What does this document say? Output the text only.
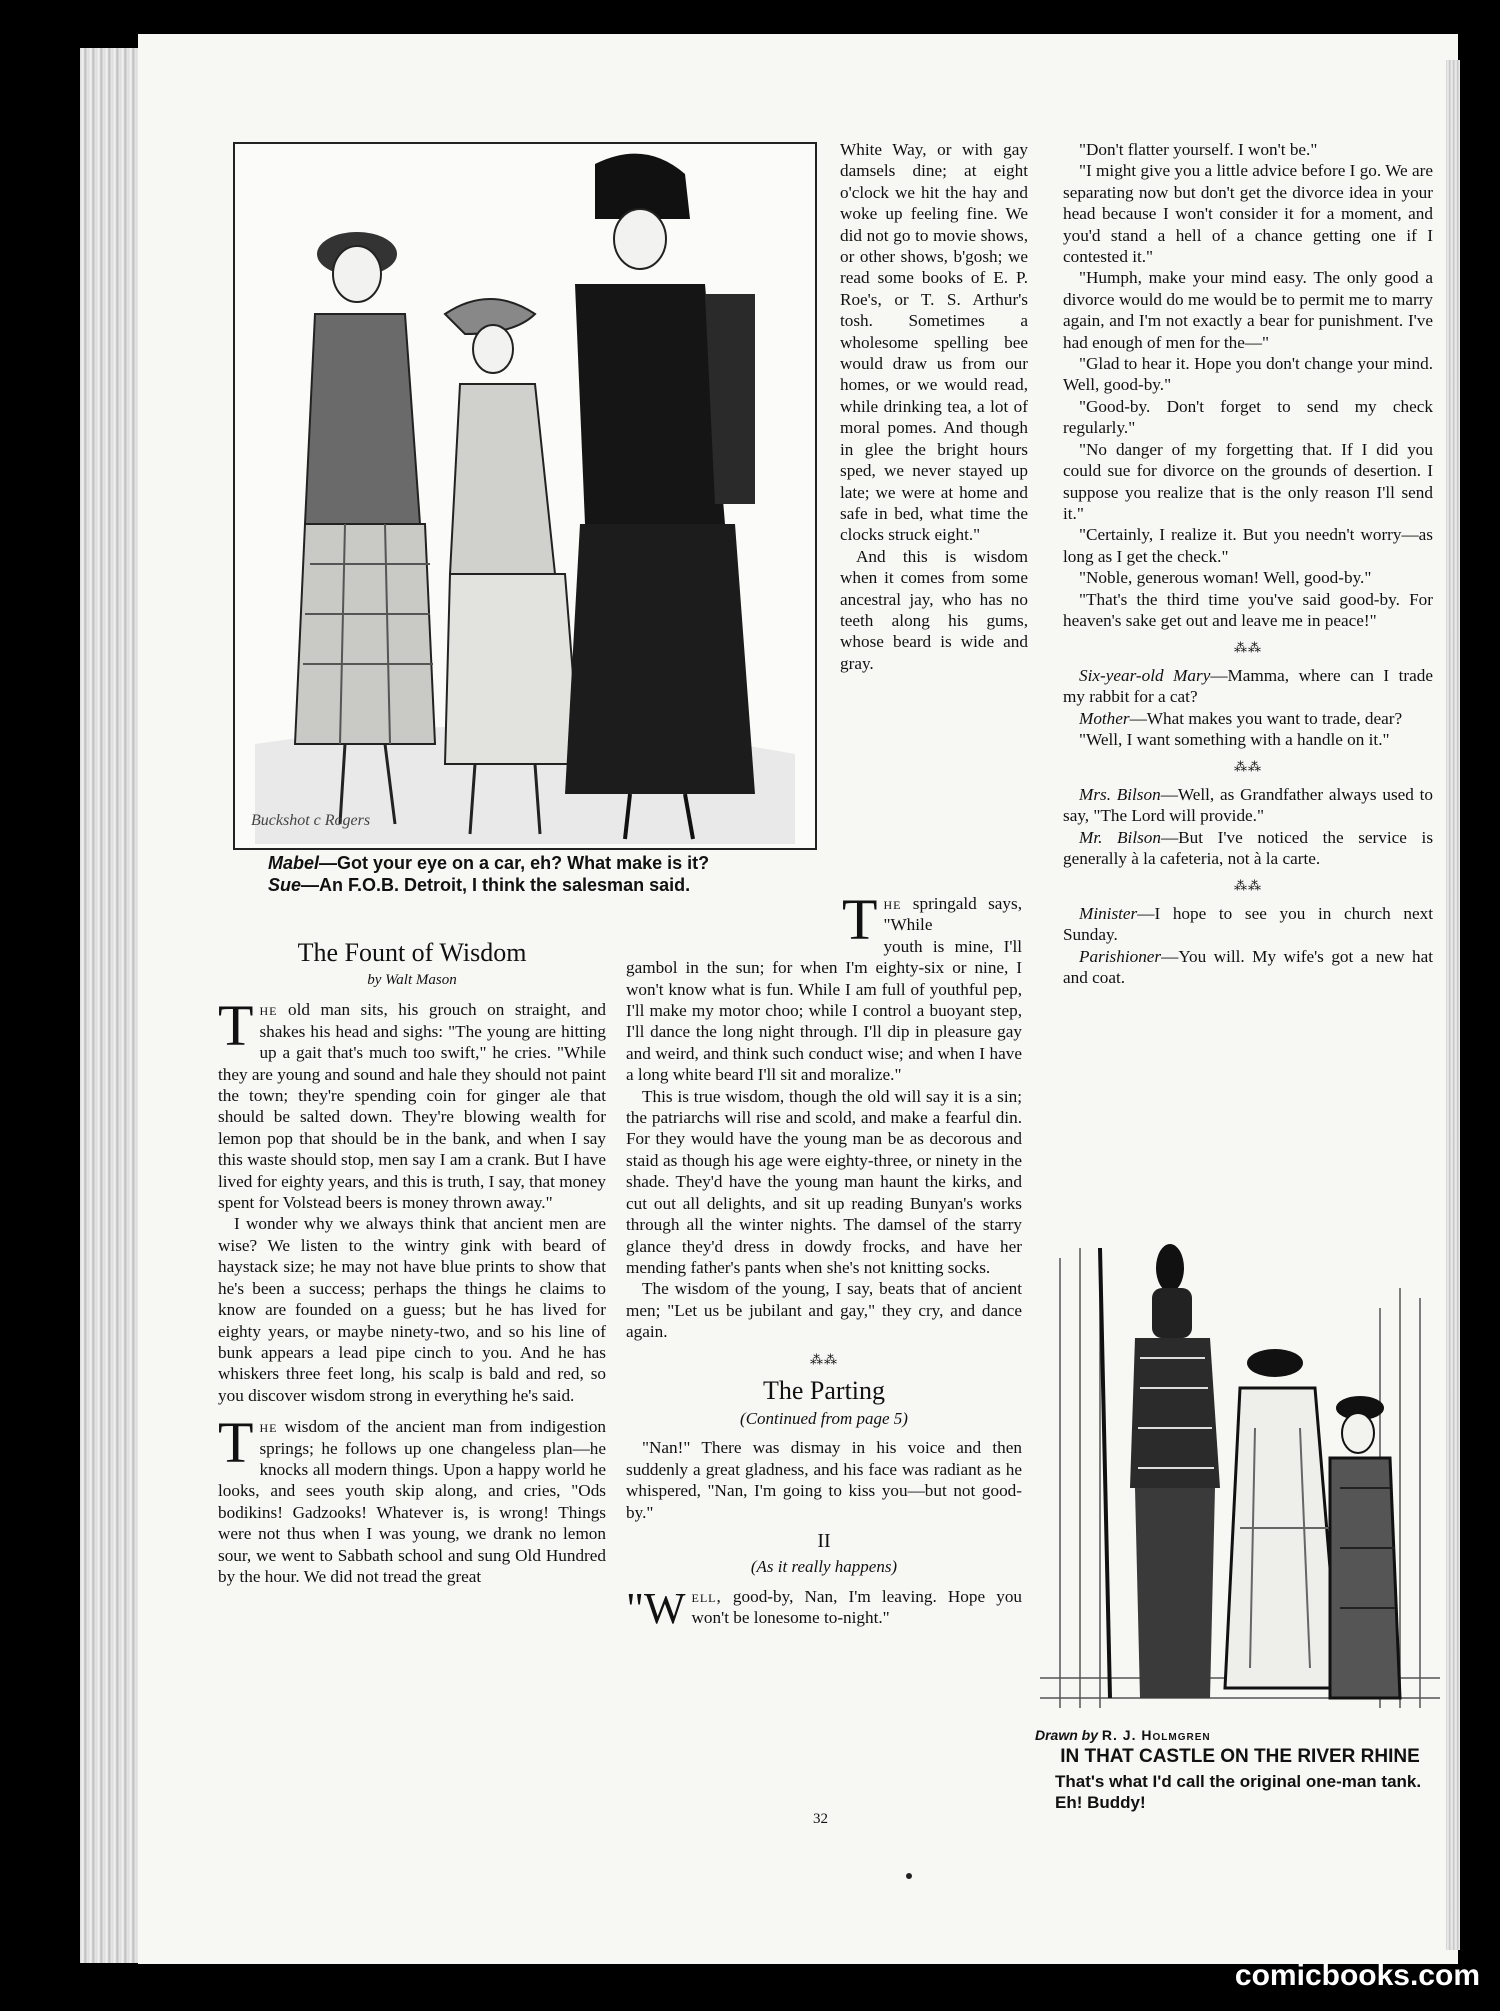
Buckshot c Rogers
Mabel—Got your eye on a car, eh? What make is it?
Sue—An F.O.B. Detroit, I think the salesman said.
The Fount of Wisdom
by Walt Mason

The old man sits, his grouch on straight, and shakes his head and sighs: "The young are hitting up a gait that's much too swift," he cries. "While they are young and sound and hale they should not paint the town; they're spending coin for ginger ale that should be salted down. They're blowing wealth for lemon pop that should be in the bank, and when I say this waste should stop, men say I am a crank. But I have lived for eighty years, and this is truth, I say, that money spent for Volstead beers is money thrown away."

I wonder why we always think that ancient men are wise? We listen to the wintry gink with beard of haystack size; he may not have blue prints to show that he's been a success; perhaps the things he claims to know are founded on a guess; but he has lived for eighty years, or maybe ninety-two, and so his line of bunk appears a lead pipe cinch to you. And he has whiskers three feet long, his scalp is bald and red, so you discover wisdom strong in everything he's said.

The wisdom of the ancient man from indigestion springs; he follows up one changeless plan—he knocks all modern things. Upon a happy world he looks, and sees youth skip along, and cries, "Ods bodikins! Gadzooks! Whatever is, is wrong! Things were not thus when I was young, we drank no lemon sour, we went to Sabbath school and sung Old Hundred by the hour. We did not tread the great

White Way, or with gay damsels dine; at eight o'clock we hit the hay and woke up feeling fine. We did not go to movie shows, or other shows, b'gosh; we read some books of E. P. Roe's, or T. S. Arthur's tosh. Sometimes a wholesome spelling bee would draw us from our homes, or we would read, while drinking tea, a lot of moral pomes. And though in glee the bright hours sped, we never stayed up late; we were at home and safe in bed, what time the clocks struck eight."

And this is wisdom when it comes from some ancestral jay, who has no teeth along his gums, whose beard is wide and gray.

The springald says, "While

youth is mine, I'll gambol in the sun; for when I'm eighty-six or nine, I won't know what is fun. While I am full of youthful pep, I'll make my motor choo; while I control a buoyant step, I'll dance the long night through. I'll dip in pleasure gay and weird, and think such conduct wise; and when I have a long white beard I'll sit and moralize."

This is true wisdom, though the old will say it is a sin; the patriarchs will rise and scold, and make a fearful din. For they would have the young man be as decorous and staid as though his age were eighty-three, or ninety in the shade. They'd have the young man haunt the kirks, and cut out all delights, and sit up reading Bunyan's works through all the winter nights. The damsel of the starry glance they'd dress in dowdy frocks, and have her mending father's pants when she's not knitting socks.

The wisdom of the young, I say, beats that of ancient men; "Let us be jubilant and gay," they cry, and dance again.

⁂⁂
The Parting
(Continued from page 5)

"Nan!" There was dismay in his voice and then suddenly a great gladness, and his face was radiant as he whispered, "Nan, I'm going to kiss you—but not good-by."

II
(As it really happens)

"Well, good-by, Nan, I'm leaving. Hope you won't be lonesome to-night."

"Don't flatter yourself. I won't be."

"I might give you a little advice before I go. We are separating now but don't get the divorce idea in your head because I won't consider it for a moment, and you'd stand a hell of a chance getting one if I contested it."

"Humph, make your mind easy. The only good a divorce would do me would be to permit me to marry again, and I'm not exactly a bear for punishment. I've had enough of men for the—"

"Glad to hear it. Hope you don't change your mind. Well, good-by."

"Good-by. Don't forget to send my check regularly."

"No danger of my forgetting that. If I did you could sue for divorce on the grounds of desertion. I suppose you realize that is the only reason I'll send it."

"Certainly, I realize it. But you needn't worry—as long as I get the check."

"Noble, generous woman! Well, good-by."

"That's the third time you've said good-by. For heaven's sake get out and leave me in peace!"

⁂⁂

Six-year-old Mary—Mamma, where can I trade my rabbit for a cat?

Mother—What makes you want to trade, dear?

"Well, I want something with a handle on it."

⁂⁂

Mrs. Bilson—Well, as Grandfather always used to say, "The Lord will provide."

Mr. Bilson—But I've noticed the service is generally à la cafeteria, not à la carte.

⁂⁂

Minister—I hope to see you in church next Sunday.

Parishioner—You will. My wife's got a new hat and coat.

Drawn by R. J. Holmgren
IN THAT CASTLE ON THE RIVER RHINE
That's what I'd call the original one-man tank. Eh! Buddy!
32
comicbooks.com
